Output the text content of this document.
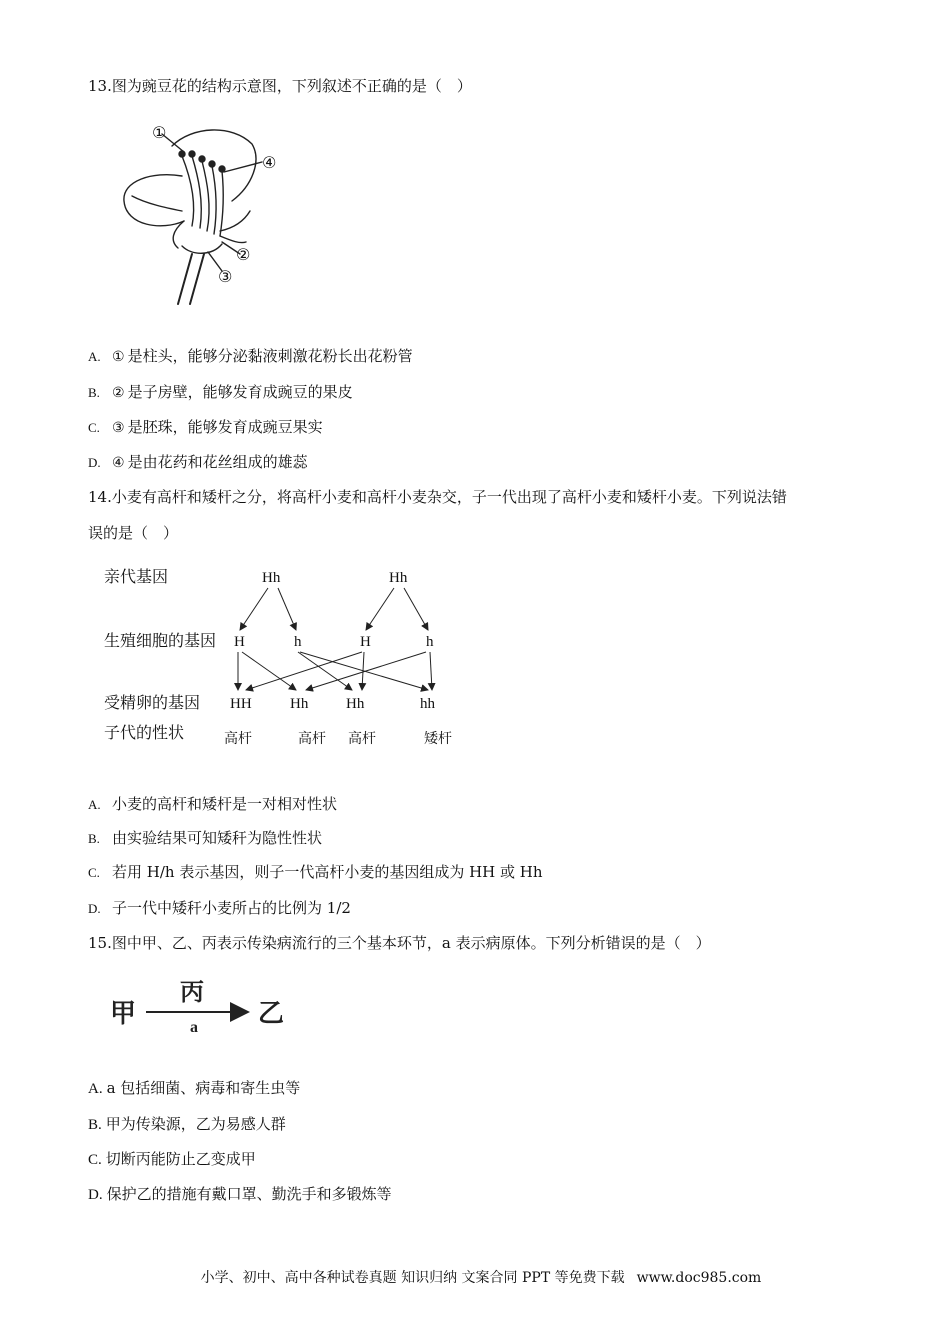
13.图为豌豆花的结构示意图，下列叙述不正确的是（　）
①
④
②
③
A. ① 是柱头，能够分泌黏液刺激花粉长出花粉管
B. ② 是子房壁，能够发育成豌豆的果皮
C. ③ 是胚珠，能够发育成豌豆果实
D. ④ 是由花药和花丝组成的雄蕊
14.小麦有高杆和矮杆之分，将高杆小麦和高杆小麦杂交，子一代出现了高杆小麦和矮杆小麦。下列说法错
误的是（　）
亲代基因
生殖细胞的基因
受精卵的基因
子代的性状
Hh	Hh
H	h	H	h
HH	Hh	Hh	hh
高杆	高杆 高杆	矮杆
A. 小麦的高杆和矮杆是一对相对性状
B. 由实验结果可知矮秆为隐性性状
C. 若用 H/h 表示基因，则子一代高杆小麦的基因组成为 HH 或 Hh
D. 子一代中矮秆小麦所占的比例为 1/2
15.图中甲、乙、丙表示传染病流行的三个基本环节，a 表示病原体。下列分析错误的是（　）
甲
丙
a 乙
A. a 包括细菌、病毒和寄生虫等
B. 甲为传染源，乙为易感人群
C. 切断丙能防止乙变成甲
D. 保护乙的措施有戴口罩、勤洗手和多锻炼等
小学、初中、高中各种试卷真题 知识归纳 文案合同 PPT 等免费下载 www.doc985.com
